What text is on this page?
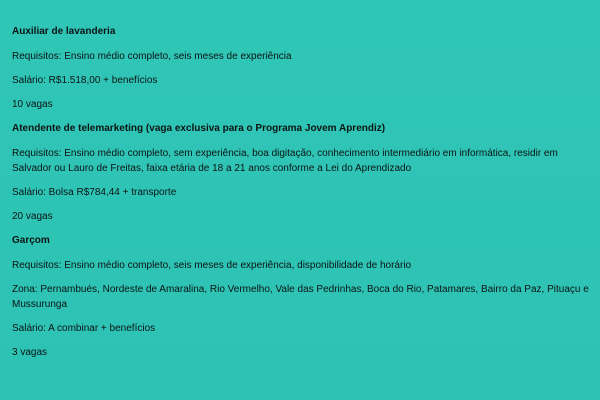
Auxiliar de lavanderia
Requisitos: Ensino médio completo, seis meses de experiência
Salário: R$1.518,00 + benefícios
10 vagas
Atendente de telemarketing (vaga exclusiva para o Programa Jovem Aprendiz)
Requisitos: Ensino médio completo, sem experiência, boa digitação, conhecimento intermediário em informática, residir em Salvador ou Lauro de Freitas, faixa etária de 18 a 21 anos conforme a Lei do Aprendizado
Salário: Bolsa R$784,44 + transporte
20 vagas
Garçom
Requisitos: Ensino médio completo, seis meses de experiência, disponibilidade de horário
Zona: Pernambués, Nordeste de Amaralina, Rio Vermelho, Vale das Pedrinhas, Boca do Rio, Patamares, Bairro da Paz, Pituaçu e Mussurunga
Salário: A combinar + benefícios
3 vagas
